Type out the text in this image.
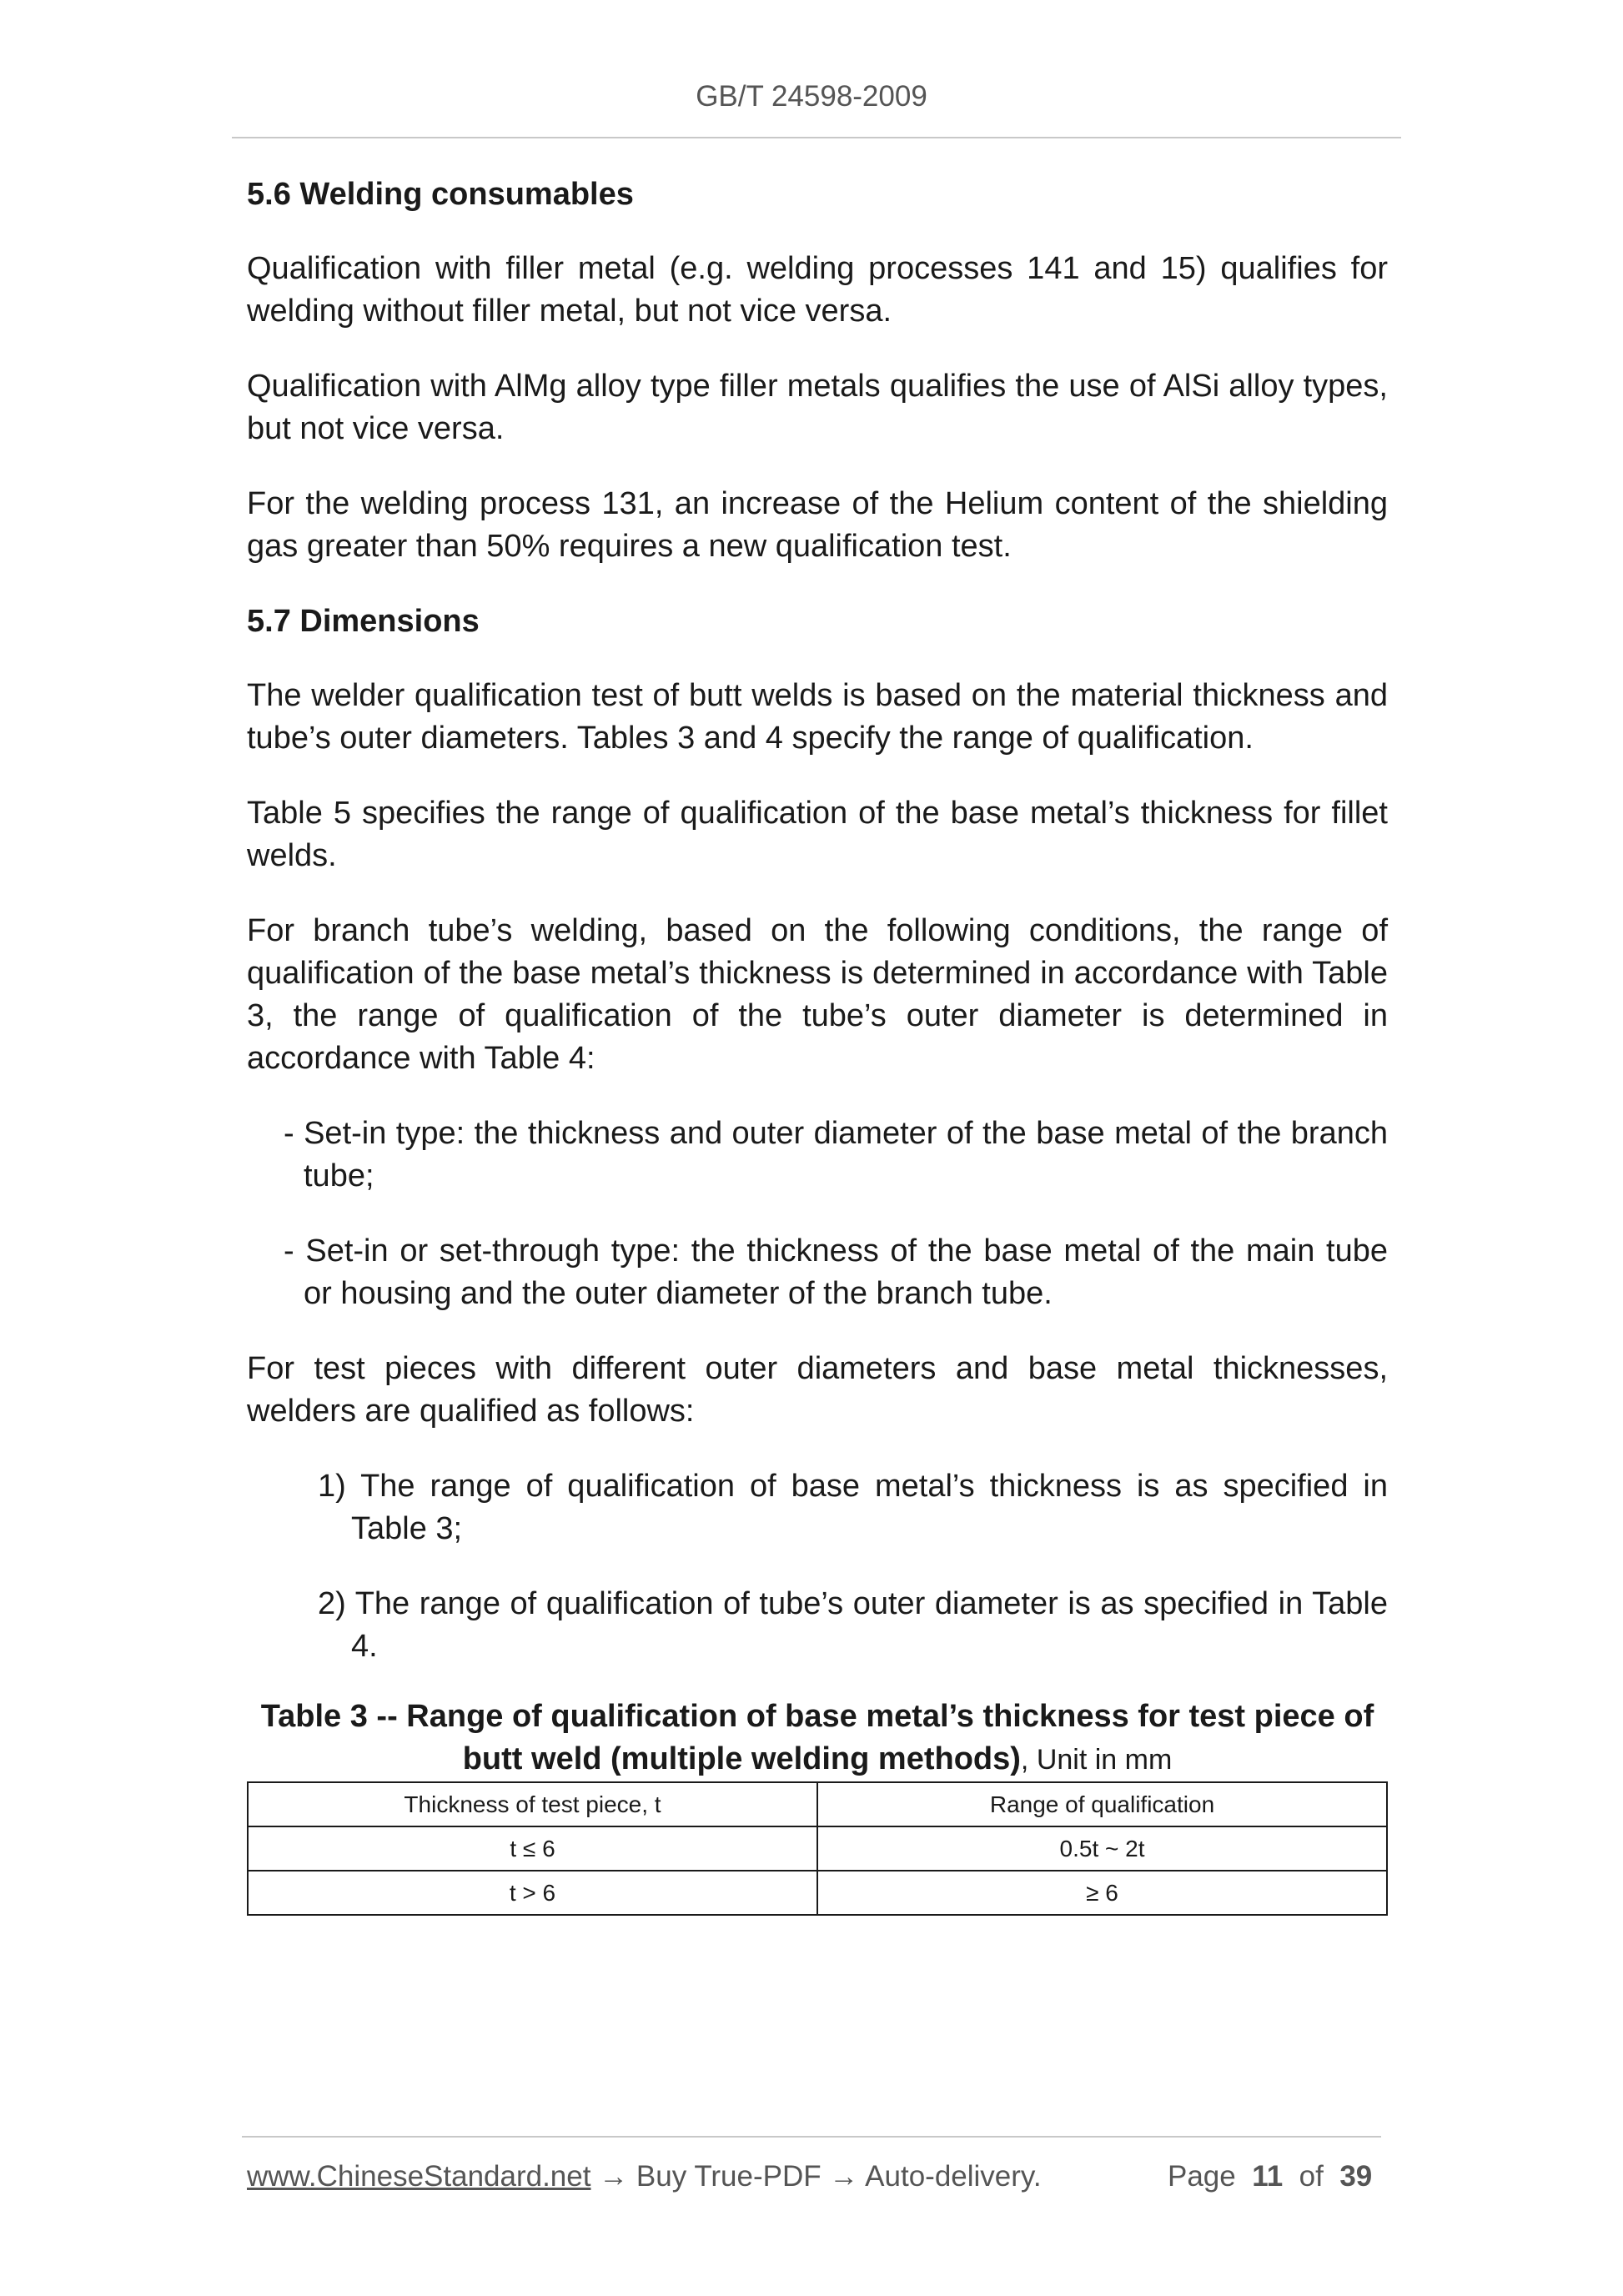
GB/T 24598-2009
5.6 Welding consumables

Qualification with filler metal (e.g. welding processes 141 and 15) qualifies for welding without filler metal, but not vice versa.

Qualification with AlMg alloy type filler metals qualifies the use of AlSi alloy types, but not vice versa.

For the welding process 131, an increase of the Helium content of the shielding gas greater than 50% requires a new qualification test.

5.7 Dimensions

The welder qualification test of butt welds is based on the material thickness and tube’s outer diameters. Tables 3 and 4 specify the range of qualification.

Table 5 specifies the range of qualification of the base metal’s thickness for fillet welds.

For branch tube’s welding, based on the following conditions, the range of qualification of the base metal’s thickness is determined in accordance with Table 3, the range of qualification of the tube’s outer diameter is determined in accordance with Table 4:

- Set-in type: the thickness and outer diameter of the base metal of the branch tube;

- Set-in or set-through type: the thickness of the base metal of the main tube or housing and the outer diameter of the branch tube.

For test pieces with different outer diameters and base metal thicknesses, welders are qualified as follows:

1) The range of qualification of base metal’s thickness is as specified in Table 3;

2) The range of qualification of tube’s outer diameter is as specified in Table 4.

Table 3 -- Range of qualification of base metal’s thickness for test piece of butt weld (multiple welding methods), Unit in mm
Thickness of test piece, t	Range of qualification
t ≤ 6	0.5t ~ 2t
t > 6	≥ 6
www.ChineseStandard.net → Buy True-PDF → Auto-delivery.	Page 11 of 39
